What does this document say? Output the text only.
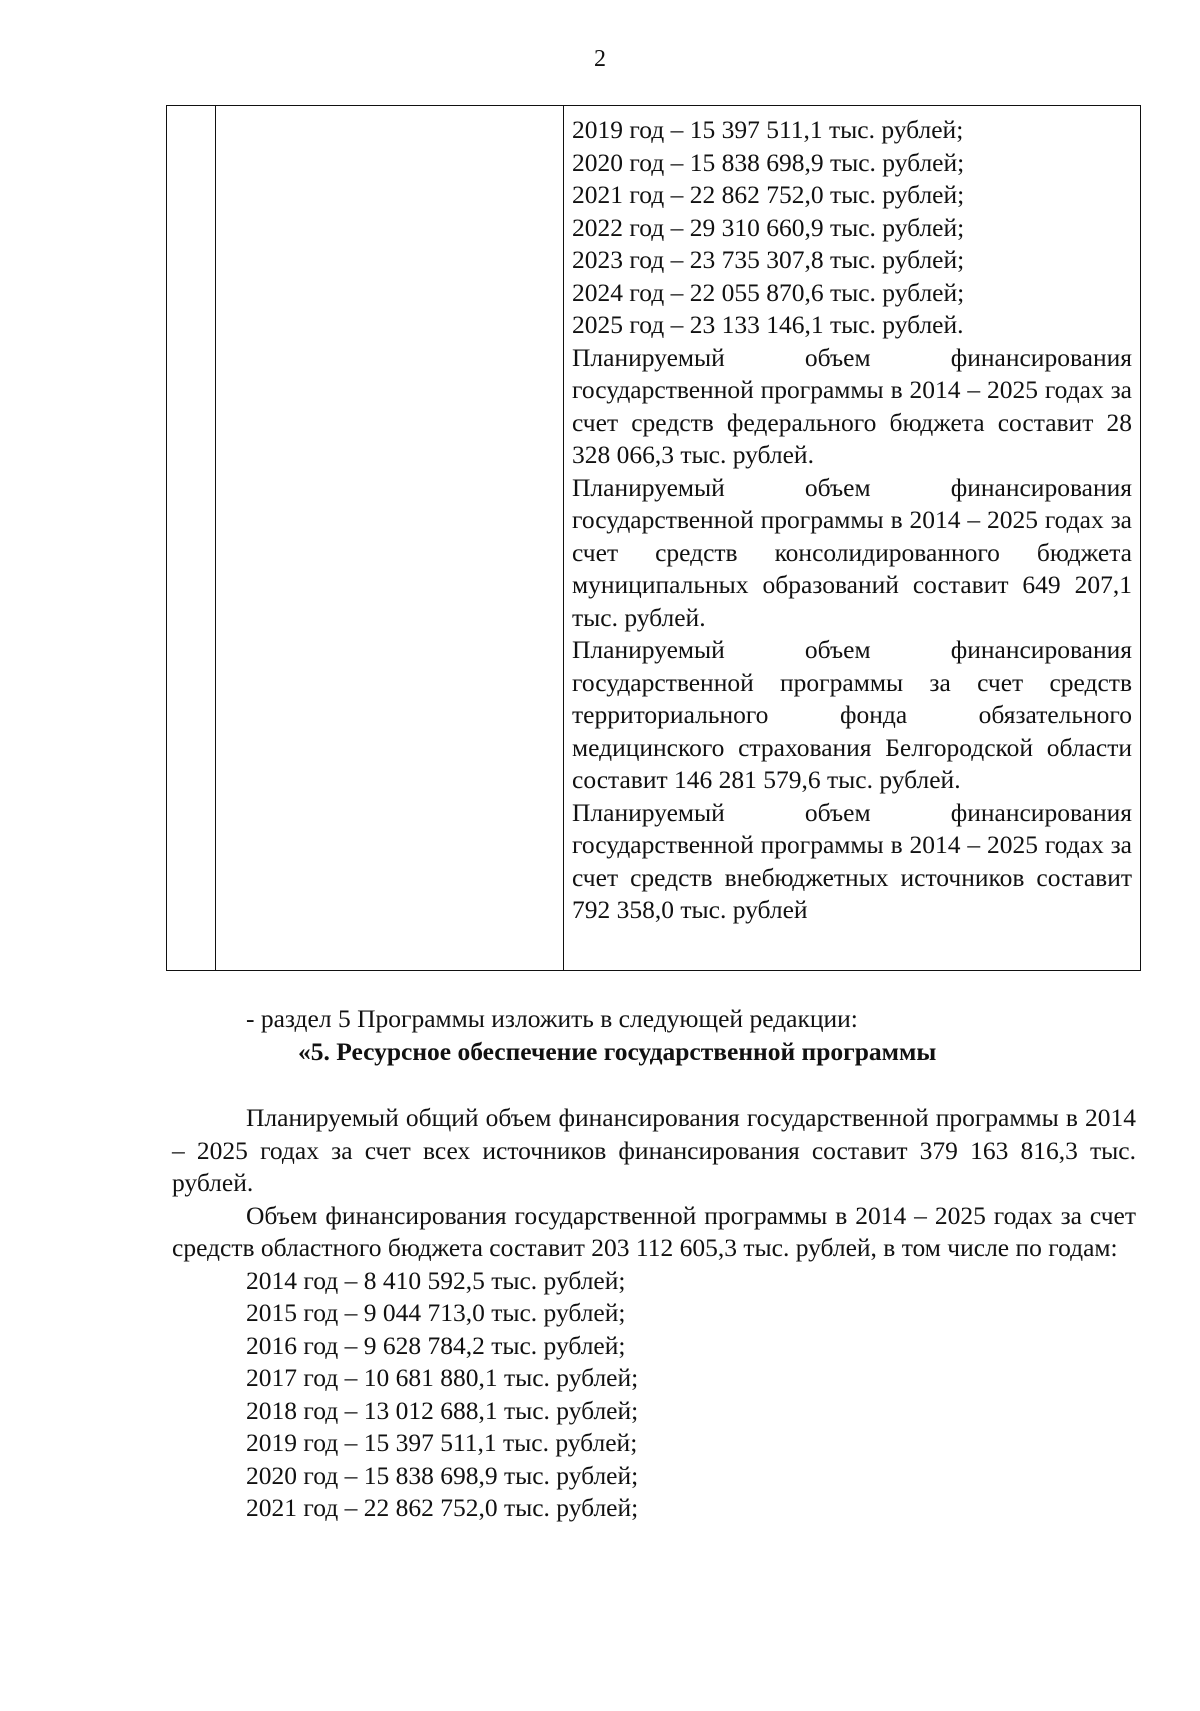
2
2019 год – 15 397 511,1 тыс. рублей;
2020 год – 15 838 698,9 тыс. рублей;
2021 год – 22 862 752,0 тыс. рублей;
2022 год – 29 310 660,9 тыс. рублей;
2023 год – 23 735 307,8 тыс. рублей;
2024 год – 22 055 870,6 тыс. рублей;
2025 год – 23 133 146,1 тыс. рублей.
Планируемый объем финансирования государственной программы в 2014 – 2025 годах за счет средств федерального бюджета составит 28 328 066,3 тыс. рублей.
Планируемый объем финансирования государственной программы в 2014 – 2025 годах за счет средств консолидированного бюджета муниципальных образований составит 649 207,1 тыс. рублей.
Планируемый объем финансирования государственной программы за счет средств территориального фонда обязательного медицинского страхования Белгородской области составит 146 281 579,6 тыс. рублей.
Планируемый объем финансирования государственной программы в 2014 – 2025 годах за счет средств внебюджетных источников составит 792 358,0 тыс. рублей
- раздел 5 Программы изложить в следующей редакции:
«5. Ресурсное обеспечение государственной программы
Планируемый общий объем финансирования государственной программы в 2014 – 2025 годах за счет всех источников финансирования составит 379 163 816,3 тыс. рублей.
Объем финансирования государственной программы в 2014 – 2025 годах за счет средств областного бюджета составит 203 112 605,3 тыс. рублей, в том числе по годам:
2014 год – 8 410 592,5 тыс. рублей;
2015 год – 9 044 713,0 тыс. рублей;
2016 год – 9 628 784,2 тыс. рублей;
2017 год – 10 681 880,1 тыс. рублей;
2018 год – 13 012 688,1 тыс. рублей;
2019 год – 15 397 511,1 тыс. рублей;
2020 год – 15 838 698,9 тыс. рублей;
2021 год – 22 862 752,0 тыс. рублей;
